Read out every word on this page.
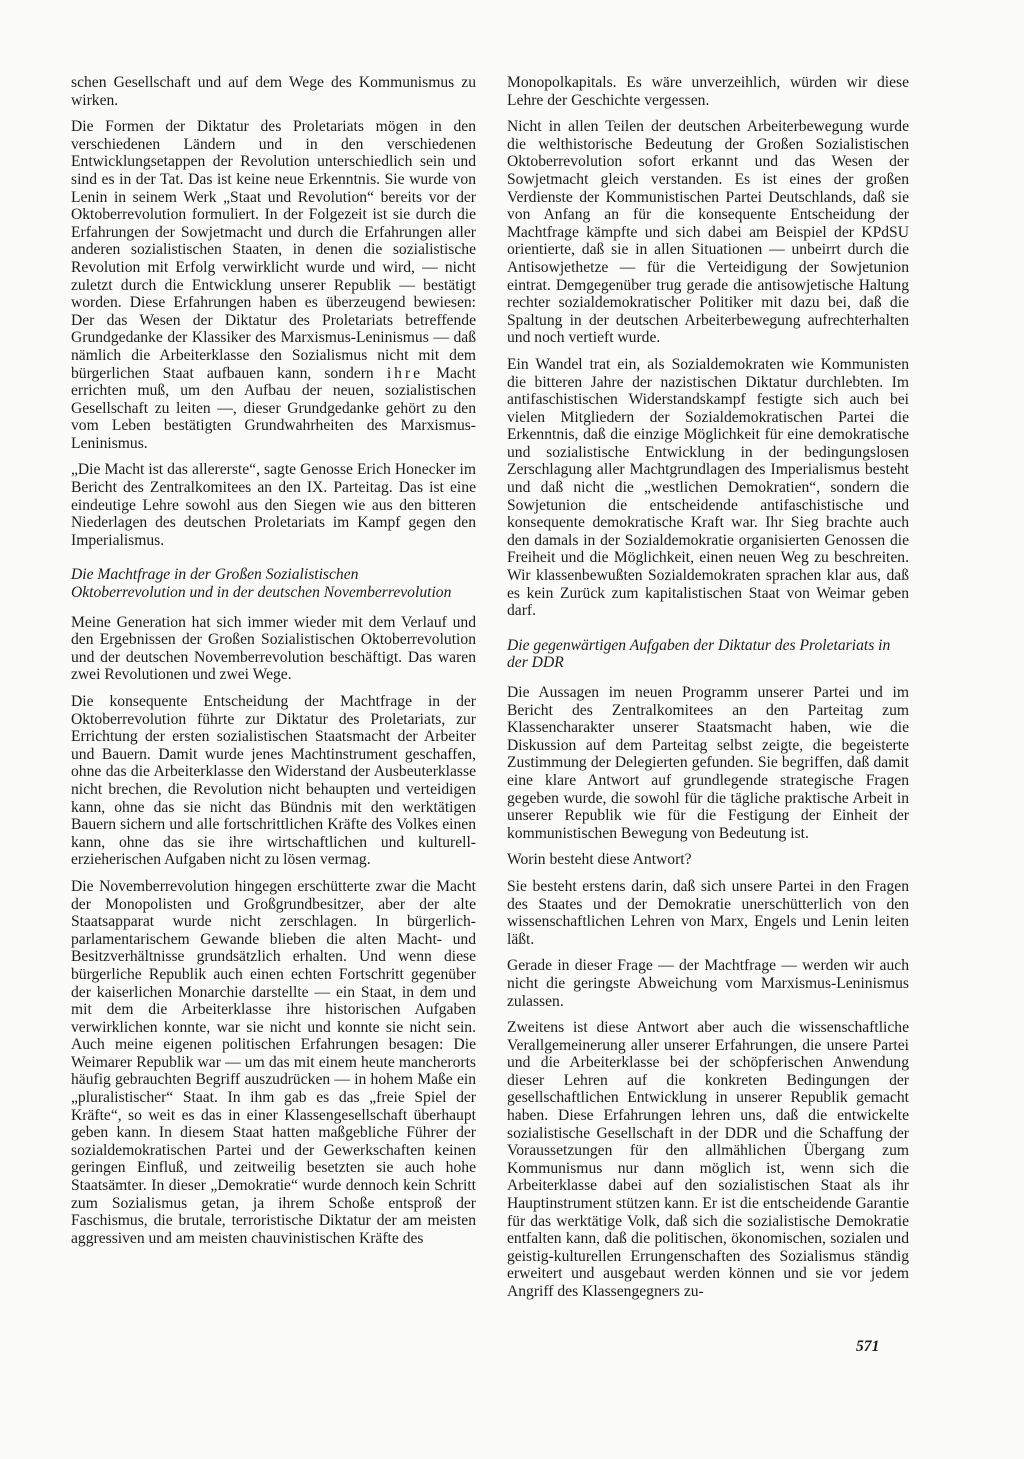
schen Gesellschaft und auf dem Wege des Kommunismus zu wirken.

Die Formen der Diktatur des Proletariats mögen in den verschiedenen Ländern und in den verschiedenen Entwicklungsetappen der Revolution unterschiedlich sein und sind es in der Tat. Das ist keine neue Erkenntnis. Sie wurde von Lenin in seinem Werk „Staat und Revolution“ bereits vor der Oktoberrevolution formuliert. In der Folgezeit ist sie durch die Erfahrungen der Sowjetmacht und durch die Erfahrungen aller anderen sozialistischen Staaten, in denen die sozialistische Revolution mit Erfolg verwirklicht wurde und wird, — nicht zuletzt durch die Entwicklung unserer Republik — bestätigt worden. Diese Erfahrungen haben es überzeugend bewiesen: Der das Wesen der Diktatur des Proletariats betreffende Grundgedanke der Klassiker des Marxismus-Leninismus — daß nämlich die Arbeiterklasse den Sozialismus nicht mit dem bürgerlichen Staat aufbauen kann, sondern ihre Macht errichten muß, um den Aufbau der neuen, sozialistischen Gesellschaft zu leiten —, dieser Grundgedanke gehört zu den vom Leben bestätigten Grundwahrheiten des Marxismus-Leninismus.

„Die Macht ist das allererste“, sagte Genosse Erich Honecker im Bericht des Zentralkomitees an den IX. Parteitag. Das ist eine eindeutige Lehre sowohl aus den Siegen wie aus den bitteren Niederlagen des deutschen Proletariats im Kampf gegen den Imperialismus.

Die Machtfrage in der Großen Sozialistischen Oktoberrevolution und in der deutschen Novemberrevolution

Meine Generation hat sich immer wieder mit dem Verlauf und den Ergebnissen der Großen Sozialistischen Oktoberrevolution und der deutschen Novemberrevolution beschäftigt. Das waren zwei Revolutionen und zwei Wege.

Die konsequente Entscheidung der Machtfrage in der Oktoberrevolution führte zur Diktatur des Proletariats, zur Errichtung der ersten sozialistischen Staatsmacht der Arbeiter und Bauern. Damit wurde jenes Machtinstrument geschaffen, ohne das die Arbeiterklasse den Widerstand der Ausbeuterklasse nicht brechen, die Revolution nicht behaupten und verteidigen kann, ohne das sie nicht das Bündnis mit den werktätigen Bauern sichern und alle fortschrittlichen Kräfte des Volkes einen kann, ohne das sie ihre wirtschaftlichen und kulturell-erzieherischen Aufgaben nicht zu lösen vermag.

Die Novemberrevolution hingegen erschütterte zwar die Macht der Monopolisten und Großgrundbesitzer, aber der alte Staatsapparat wurde nicht zerschlagen. In bürgerlich-parlamentarischem Gewande blieben die alten Macht- und Besitzverhältnisse grundsätzlich erhalten. Und wenn diese bürgerliche Republik auch einen echten Fortschritt gegenüber der kaiserlichen Monarchie darstellte — ein Staat, in dem und mit dem die Arbeiterklasse ihre historischen Aufgaben verwirklichen konnte, war sie nicht und konnte sie nicht sein. Auch meine eigenen politischen Erfahrungen besagen: Die Weimarer Republik war — um das mit einem heute mancherorts häufig gebrauchten Begriff auszudrücken — in hohem Maße ein „pluralistischer“ Staat. In ihm gab es das „freie Spiel der Kräfte“, so weit es das in einer Klassengesellschaft überhaupt geben kann. In diesem Staat hatten maßgebliche Führer der sozialdemokratischen Partei und der Gewerkschaften keinen geringen Einfluß, und zeitweilig besetzten sie auch hohe Staatsämter. In dieser „Demokratie“ wurde dennoch kein Schritt zum Sozialismus getan, ja ihrem Schoße entsproß der Faschismus, die brutale, terroristische Diktatur der am meisten aggressiven und am meisten chauvinistischen Kräfte des

Monopolkapitals. Es wäre unverzeihlich, würden wir diese Lehre der Geschichte vergessen.

Nicht in allen Teilen der deutschen Arbeiterbewegung wurde die welthistorische Bedeutung der Großen Sozialistischen Oktoberrevolution sofort erkannt und das Wesen der Sowjetmacht gleich verstanden. Es ist eines der großen Verdienste der Kommunistischen Partei Deutschlands, daß sie von Anfang an für die konsequente Entscheidung der Machtfrage kämpfte und sich dabei am Beispiel der KPdSU orientierte, daß sie in allen Situationen — unbeirrt durch die Antisowjethetze — für die Verteidigung der Sowjetunion eintrat. Demgegenüber trug gerade die antisowjetische Haltung rechter sozialdemokratischer Politiker mit dazu bei, daß die Spaltung in der deutschen Arbeiterbewegung aufrechterhalten und noch vertieft wurde.

Ein Wandel trat ein, als Sozialdemokraten wie Kommunisten die bitteren Jahre der nazistischen Diktatur durchlebten. Im antifaschistischen Widerstandskampf festigte sich auch bei vielen Mitgliedern der Sozialdemokratischen Partei die Erkenntnis, daß die einzige Möglichkeit für eine demokratische und sozialistische Entwicklung in der bedingungslosen Zerschlagung aller Machtgrundlagen des Imperialismus besteht und daß nicht die „westlichen Demokratien“, sondern die Sowjetunion die entscheidende antifaschistische und konsequente demokratische Kraft war. Ihr Sieg brachte auch den damals in der Sozialdemokratie organisierten Genossen die Freiheit und die Möglichkeit, einen neuen Weg zu beschreiten. Wir klassenbewußten Sozialdemokraten sprachen klar aus, daß es kein Zurück zum kapitalistischen Staat von Weimar geben darf.

Die gegenwärtigen Aufgaben der Diktatur des Proletariats in der DDR

Die Aussagen im neuen Programm unserer Partei und im Bericht des Zentralkomitees an den Parteitag zum Klassencharakter unserer Staatsmacht haben, wie die Diskussion auf dem Parteitag selbst zeigte, die begeisterte Zustimmung der Delegierten gefunden. Sie begriffen, daß damit eine klare Antwort auf grundlegende strategische Fragen gegeben wurde, die sowohl für die tägliche praktische Arbeit in unserer Republik wie für die Festigung der Einheit der kommunistischen Bewegung von Bedeutung ist.

Worin besteht diese Antwort?

Sie besteht erstens darin, daß sich unsere Partei in den Fragen des Staates und der Demokratie unerschütterlich von den wissenschaftlichen Lehren von Marx, Engels und Lenin leiten läßt.

Gerade in dieser Frage — der Machtfrage — werden wir auch nicht die geringste Abweichung vom Marxismus-Leninismus zulassen.

Zweitens ist diese Antwort aber auch die wissenschaftliche Verallgemeinerung aller unserer Erfahrungen, die unsere Partei und die Arbeiterklasse bei der schöpferischen Anwendung dieser Lehren auf die konkreten Bedingungen der gesellschaftlichen Entwicklung in unserer Republik gemacht haben. Diese Erfahrungen lehren uns, daß die entwickelte sozialistische Gesellschaft in der DDR und die Schaffung der Voraussetzungen für den allmählichen Übergang zum Kommunismus nur dann möglich ist, wenn sich die Arbeiterklasse dabei auf den sozialistischen Staat als ihr Hauptinstrument stützen kann. Er ist die entscheidende Garantie für das werktätige Volk, daß sich die sozialistische Demokratie entfalten kann, daß die politischen, ökonomischen, sozialen und geistig-kulturellen Errungenschaften des Sozialismus ständig erweitert und ausgebaut werden können und sie vor jedem Angriff des Klassengegners zu-

571
